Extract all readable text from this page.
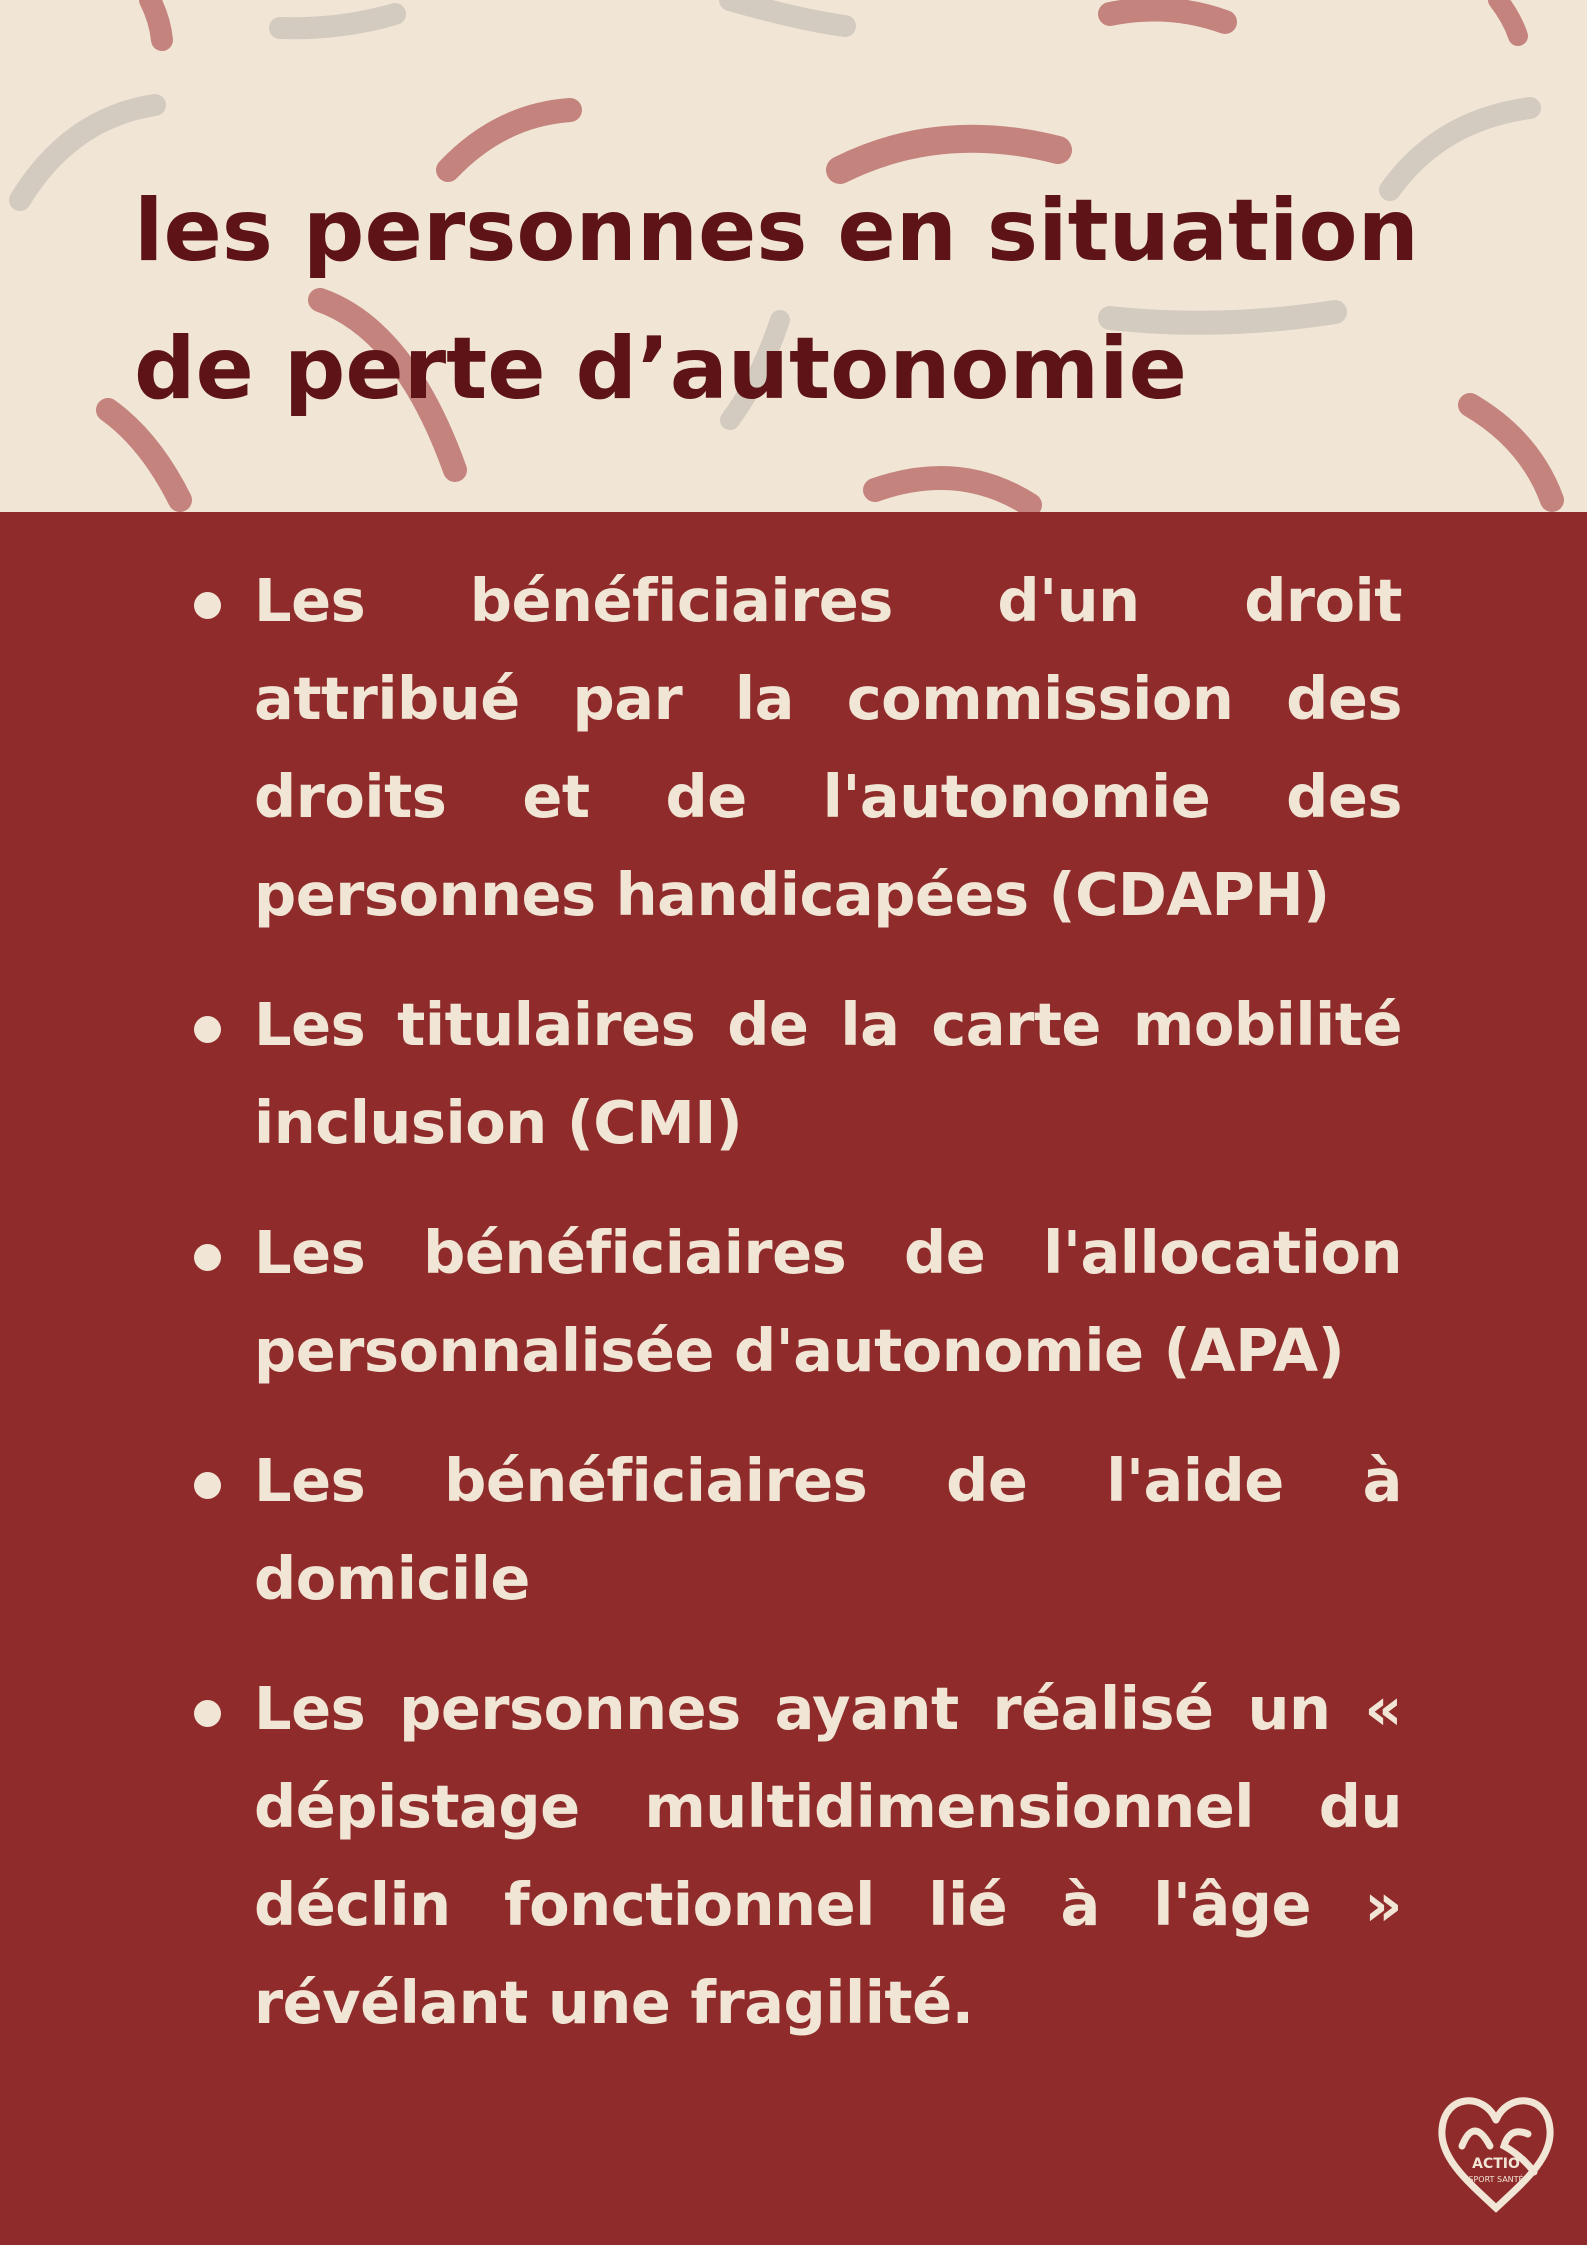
les personnes en situation
de perte d’autonomie
Les bénéficiaires d'un droit attribué par la commission des droits et de l'autonomie des personnes handicapées (CDAPH)
Les titulaires de la carte mobilité inclusion (CMI)
Les bénéficiaires de l'allocation personnalisée d'autonomie (APA)
Les bénéficiaires de l'aide à domicile
Les personnes ayant réalisé un « dépistage multidimensionnel du déclin fonctionnel lié à l'âge » révélant une fragilité.
ACTIO
SPORT SANTÉ
